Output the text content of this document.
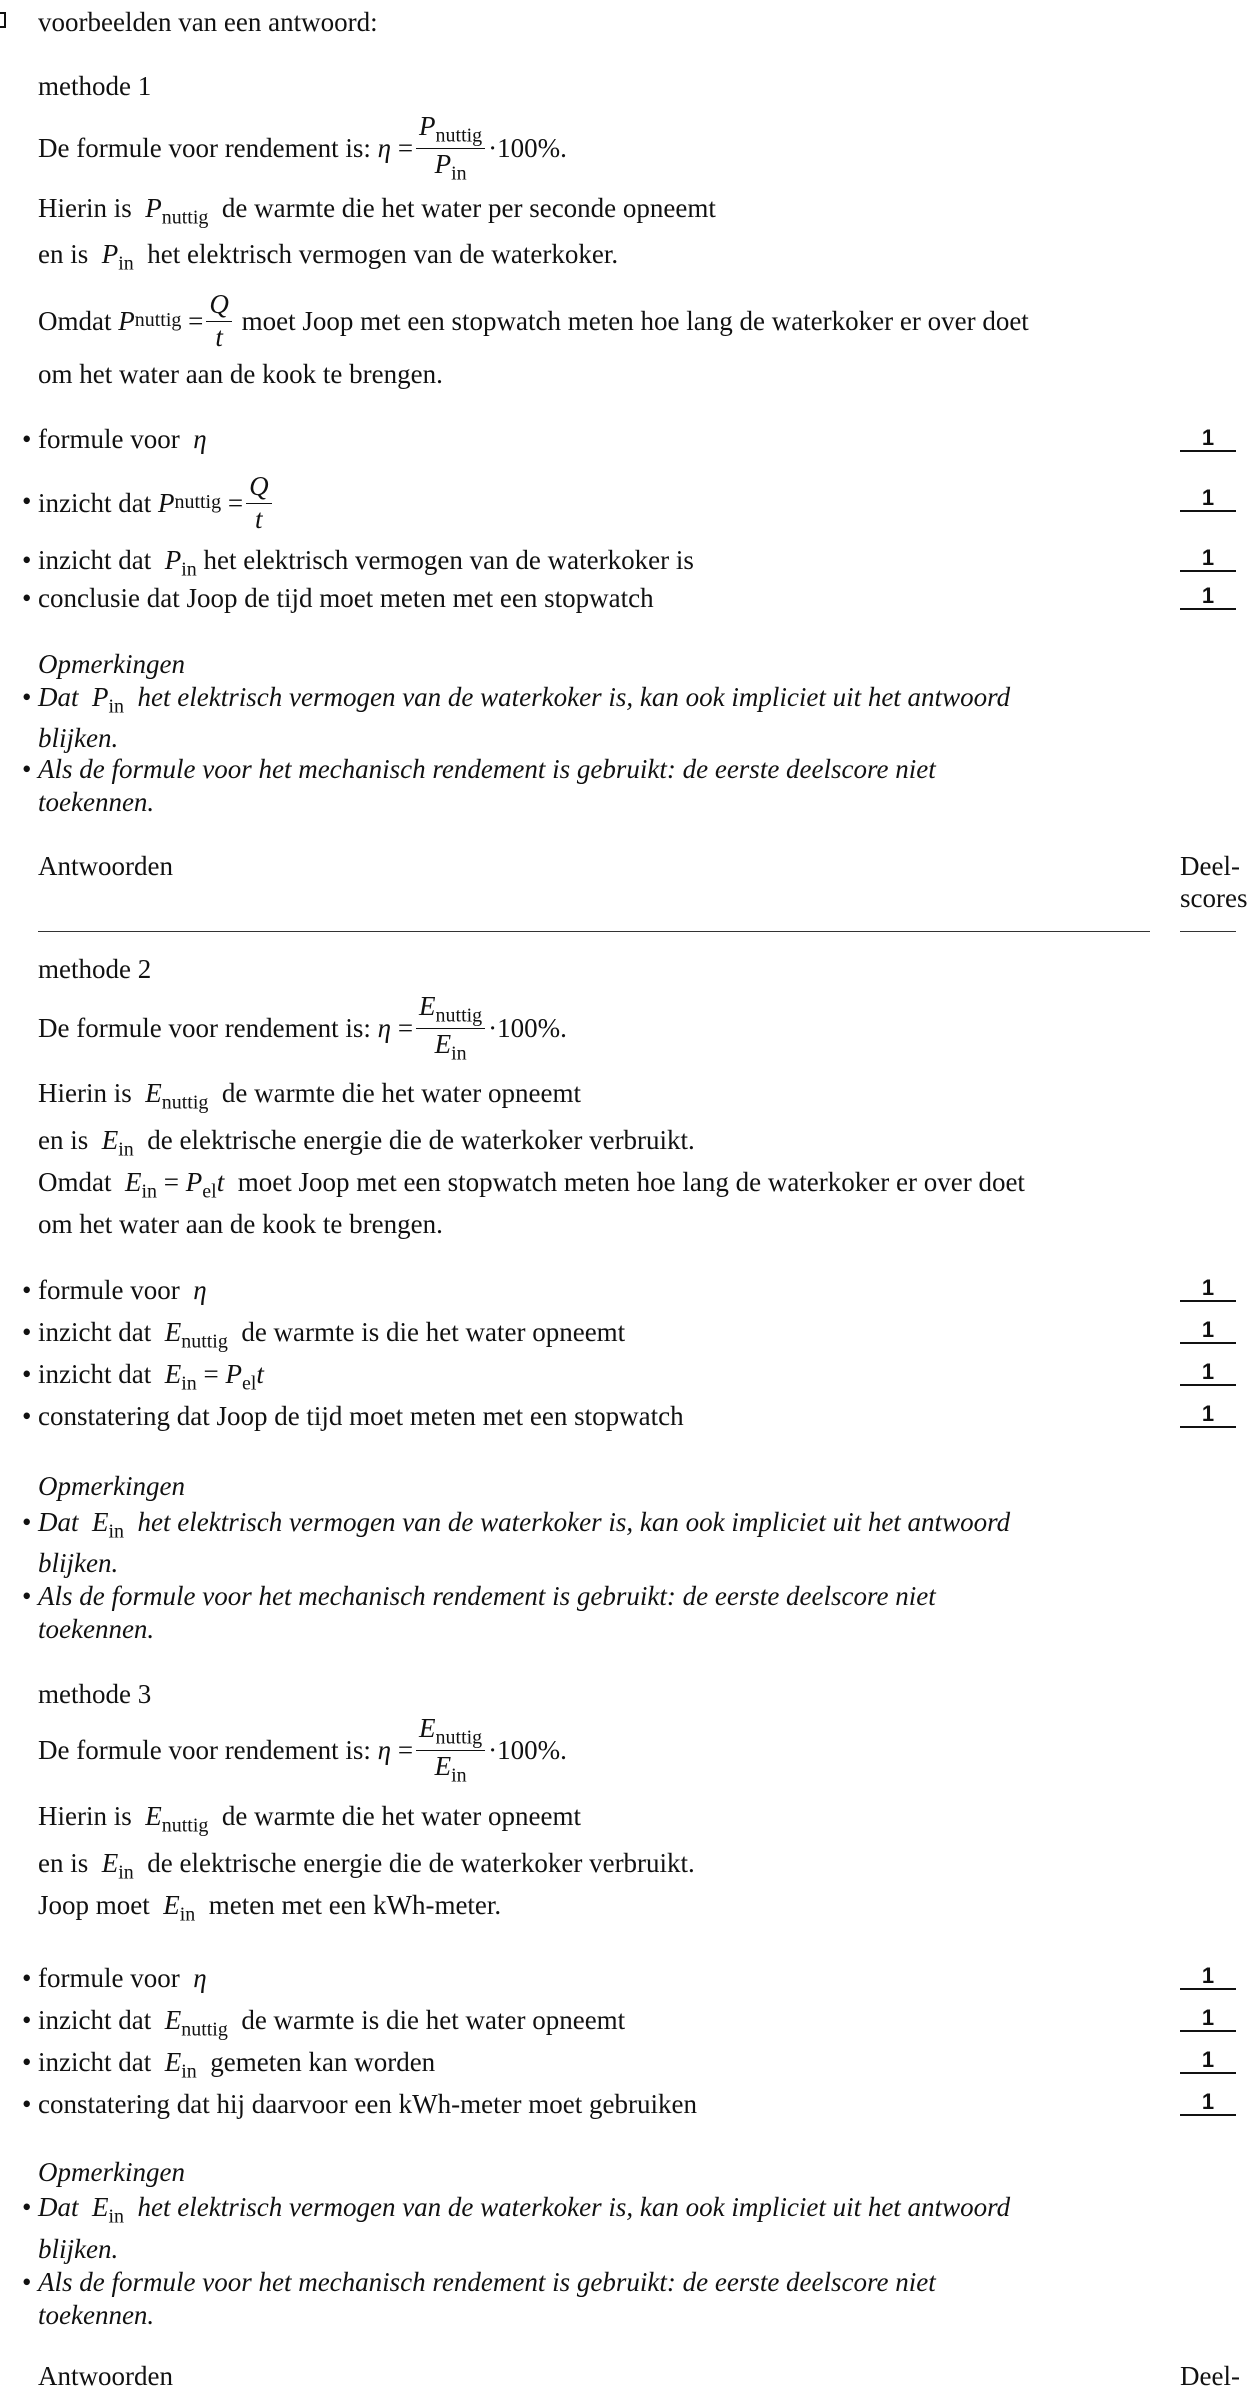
voorbeelden van een antwoord:
methode 1
De formule voor rendement is:
η
= $\frac{P_{nuttig}}{P_{in}} \cdot 100\%$.
Hierin is $P_{nuttig}$ de warmte die het water per seconde opneemt
en is $P_{in}$ het elektrisch vermogen van de waterkoker.
Omdat
P nuttig
= $\frac{Q}{t}$
moet Joop met een stopwatch meten hoe lang de waterkoker er over doet
om het water aan de kook te brengen.
• formule voor η	1
• inzicht dat
P nuttig
= $\frac{Q}{t}$	1
• inzicht dat $P_{in}$ het elektrisch vermogen van de waterkoker is	1
• conclusie dat Joop de tijd moet meten met een stopwatch	1
Opmerkingen
• Dat $P_{in}$ het elektrisch vermogen van de waterkoker is, kan ook impliciet uit het antwoord
blijken.
• Als de formule voor het mechanisch rendement is gebruikt: de eerste deelscore niet
toekennen.
Antwoorden	Deel-
scores
methode 2
De formule voor rendement is:
η
= $\frac{E_{nuttig}}{E_{in}} \cdot 100\%$.
Hierin is $E_{nuttig}$ de warmte die het water opneemt
en is $E_{in}$ de elektrische energie die de waterkoker verbruikt.
Omdat $E_{in} = P_{el}t$ moet Joop met een stopwatch meten hoe lang de waterkoker er over doet
om het water aan de kook te brengen.
• formule voor η	1
• inzicht dat $E_{nuttig}$ de warmte is die het water opneemt	1
• inzicht dat $E_{in} = P_{el}t$	1
• constatering dat Joop de tijd moet meten met een stopwatch	1
Opmerkingen
• Dat $E_{in}$ het elektrisch vermogen van de waterkoker is, kan ook impliciet uit het antwoord
blijken.
• Als de formule voor het mechanisch rendement is gebruikt: de eerste deelscore niet
toekennen.
methode 3
De formule voor rendement is:
η
= $\frac{E_{nuttig}}{E_{in}} \cdot 100\%$.
Hierin is $E_{nuttig}$ de warmte die het water opneemt
en is $E_{in}$ de elektrische energie die de waterkoker verbruikt.
Joop moet $E_{in}$ meten met een kWh-meter.
• formule voor η	1
• inzicht dat $E_{nuttig}$ de warmte is die het water opneemt	1
• inzicht dat $E_{in}$ gemeten kan worden	1
• constatering dat hij daarvoor een kWh-meter moet gebruiken	1
Opmerkingen
• Dat $E_{in}$ het elektrisch vermogen van de waterkoker is, kan ook impliciet uit het antwoord
blijken.
• Als de formule voor het mechanisch rendement is gebruikt: de eerste deelscore niet
toekennen.
Antwoorden	Deel-
